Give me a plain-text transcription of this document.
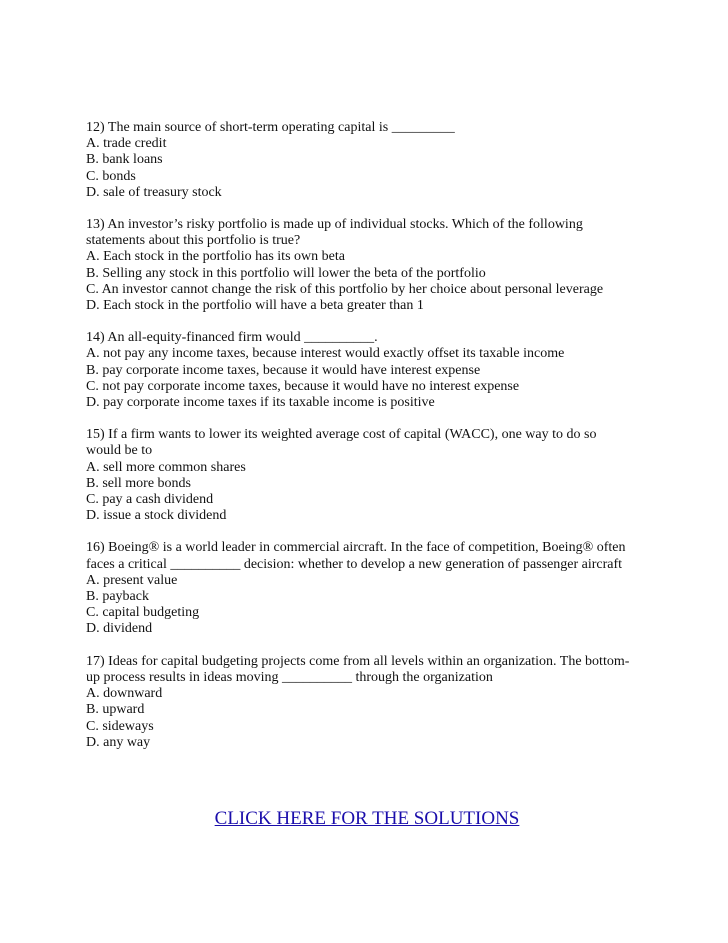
12) The main source of short-term operating capital is _________
A. trade credit
B. bank loans
C. bonds
D. sale of treasury stock
13) An investor’s risky portfolio is made up of individual stocks. Which of the following
statements about this portfolio is true?
A. Each stock in the portfolio has its own beta
B. Selling any stock in this portfolio will lower the beta of the portfolio
C. An investor cannot change the risk of this portfolio by her choice about personal leverage
D. Each stock in the portfolio will have a beta greater than 1
14) An all-equity-financed firm would __________.
A. not pay any income taxes, because interest would exactly offset its taxable income
B. pay corporate income taxes, because it would have interest expense
C. not pay corporate income taxes, because it would have no interest expense
D. pay corporate income taxes if its taxable income is positive
15) If a firm wants to lower its weighted average cost of capital (WACC), one way to do so
would be to
A. sell more common shares
B. sell more bonds
C. pay a cash dividend
D. issue a stock dividend
16) Boeing® is a world leader in commercial aircraft. In the face of competition, Boeing® often
faces a critical __________ decision: whether to develop a new generation of passenger aircraft
A. present value
B. payback
C. capital budgeting
D. dividend
17) Ideas for capital budgeting projects come from all levels within an organization. The bottom-
up process results in ideas moving __________ through the organization
A. downward
B. upward
C. sideways
D. any way
CLICK HERE FOR THE SOLUTIONS
